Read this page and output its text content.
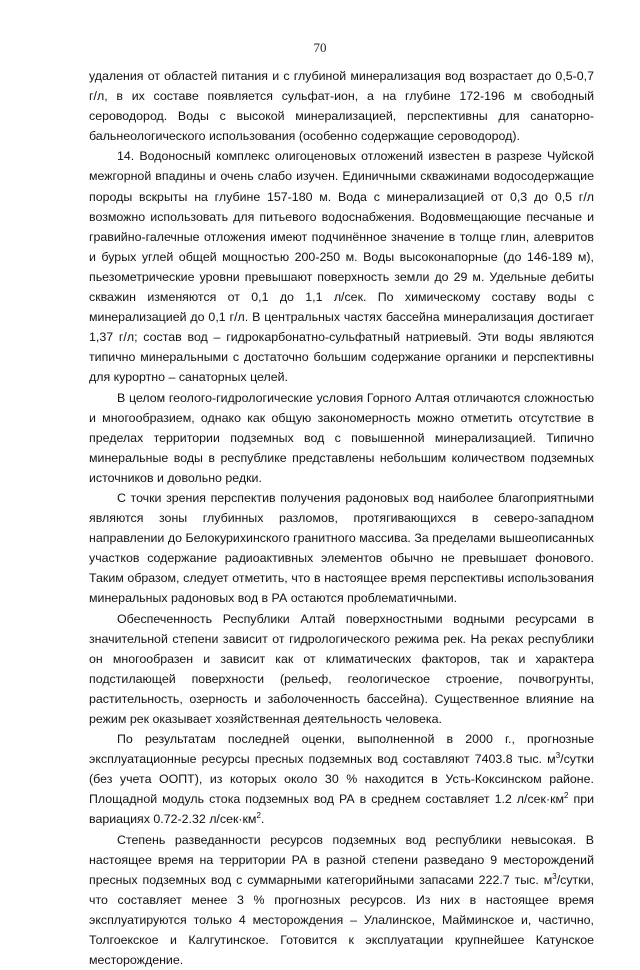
70

удаления от областей питания и с глубиной минерализация вод возрастает до 0,5-0,7 г/л, в их составе появляется сульфат-ион, а на глубине 172-196 м свободный сероводород. Воды с высокой минерализацией, перспективны для санаторно-бальнеологического использования (особенно содержащие сероводород).

14. Водоносный комплекс олигоценовых отложений известен в разрезе Чуйской межгорной впадины и очень слабо изучен. Единичными скважинами водосодержащие породы вскрыты на глубине 157-180 м. Вода с минерализацией от 0,3 до 0,5 г/л возможно использовать для питьевого водоснабжения. Водовмещающие песчаные и гравийно-галечные отложения имеют подчинённое значение в толще глин, алевритов и бурых углей общей мощностью 200-250 м. Воды высоконапорные (до 146-189 м), пьезометрические уровни превышают поверхность земли до 29 м. Удельные дебиты скважин изменяются от 0,1 до 1,1 л/сек. По химическому составу воды с минерализацией до 0,1 г/л. В центральных частях бассейна минерализация достигает 1,37 г/л; состав вод – гидрокарбонатно-сульфатный натриевый. Эти воды являются типично минеральными с достаточно большим содержание органики и перспективны для курортно – санаторных целей.

В целом геолого-гидрологические условия Горного Алтая отличаются сложностью и многообразием, однако как общую закономерность можно отметить отсутствие в пределах территории подземных вод с повышенной минерализацией. Типично минеральные воды в республике представлены небольшим количеством подземных источников и довольно редки.

С точки зрения перспектив получения радоновых вод наиболее благоприятными являются зоны глубинных разломов, протягивающихся в северо-западном направлении до Белокурихинского гранитного массива. За пределами вышеописанных участков содержание радиоактивных элементов обычно не превышает фонового. Таким образом, следует отметить, что в настоящее время перспективы использования минеральных радоновых вод в РА остаются проблематичными.

Обеспеченность Республики Алтай поверхностными водными ресурсами в значительной степени зависит от гидрологического режима рек. На реках республики он многообразен и зависит как от климатических факторов, так и характера подстилающей поверхности (рельеф, геологическое строение, почвогрунты, растительность, озерность и заболоченность бассейна). Существенное влияние на режим рек оказывает хозяйственная деятельность человека.

По результатам последней оценки, выполненной в 2000 г., прогнозные эксплуатационные ресурсы пресных подземных вод составляют 7403.8 тыс. $м^3$/сутки (без учета ООПТ), из которых около 30 % находится в Усть-Коксинском районе. Площадной модуль стока подземных вод РА в среднем составляет 1.2 $л/сек\cdot км^2$ при вариациях 0.72-2.32 $л/сек\cdot км^2$.

Степень разведанности ресурсов подземных вод республики невысокая. В настоящее время на территории РА в разной степени разведано 9 месторождений пресных подземных вод с суммарными категорийными запасами 222.7 тыс. $м^3$/сутки, что составляет менее 3 % прогнозных ресурсов. Из них в настоящее время эксплуатируются только 4 месторождения – Улалинское, Майминское и, частично, Толгоекское и Калгутинское. Готовится к эксплуатации крупнейшее Катунское месторождение.
